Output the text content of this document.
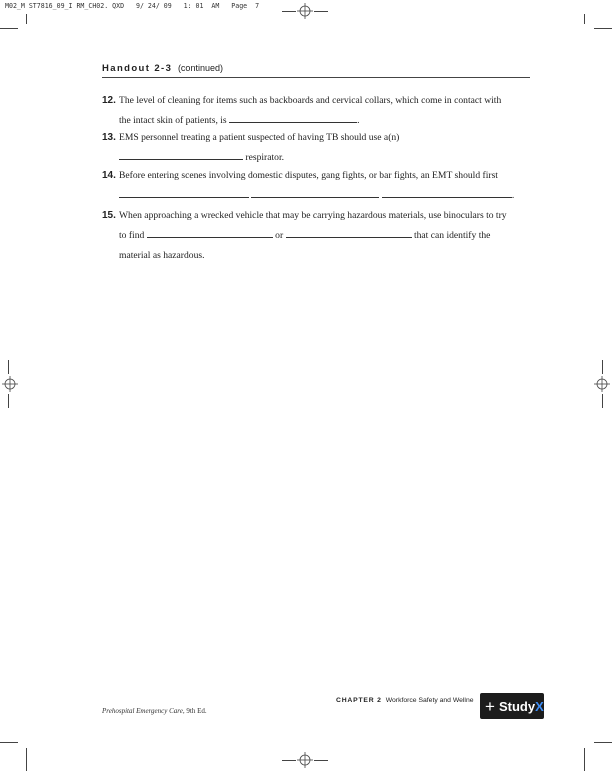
M02_M ST7816_09_I RM_CH02. QXD   9/ 24/ 09   1: 01  AM   Page  7
Handout 2-3 (continued)
12. The level of cleaning for items such as backboards and cervical collars, which come in contact with
the intact skin of patients, is	.
13. EMS personnel treating a patient suspected of having TB should use a(n)
respirator.
14. Before entering scenes involving domestic disputes, gang fights, or bar fights, an EMT should first
.
15. When approaching a wrecked vehicle that may be carrying hazardous materials, use binoculars to try
to find	or	that can identify the
material as hazardous.
CHAPTER 2 Workforce Safety and Wellne
Prehospital Emergency Care, 9th Ed.	+ Study X
